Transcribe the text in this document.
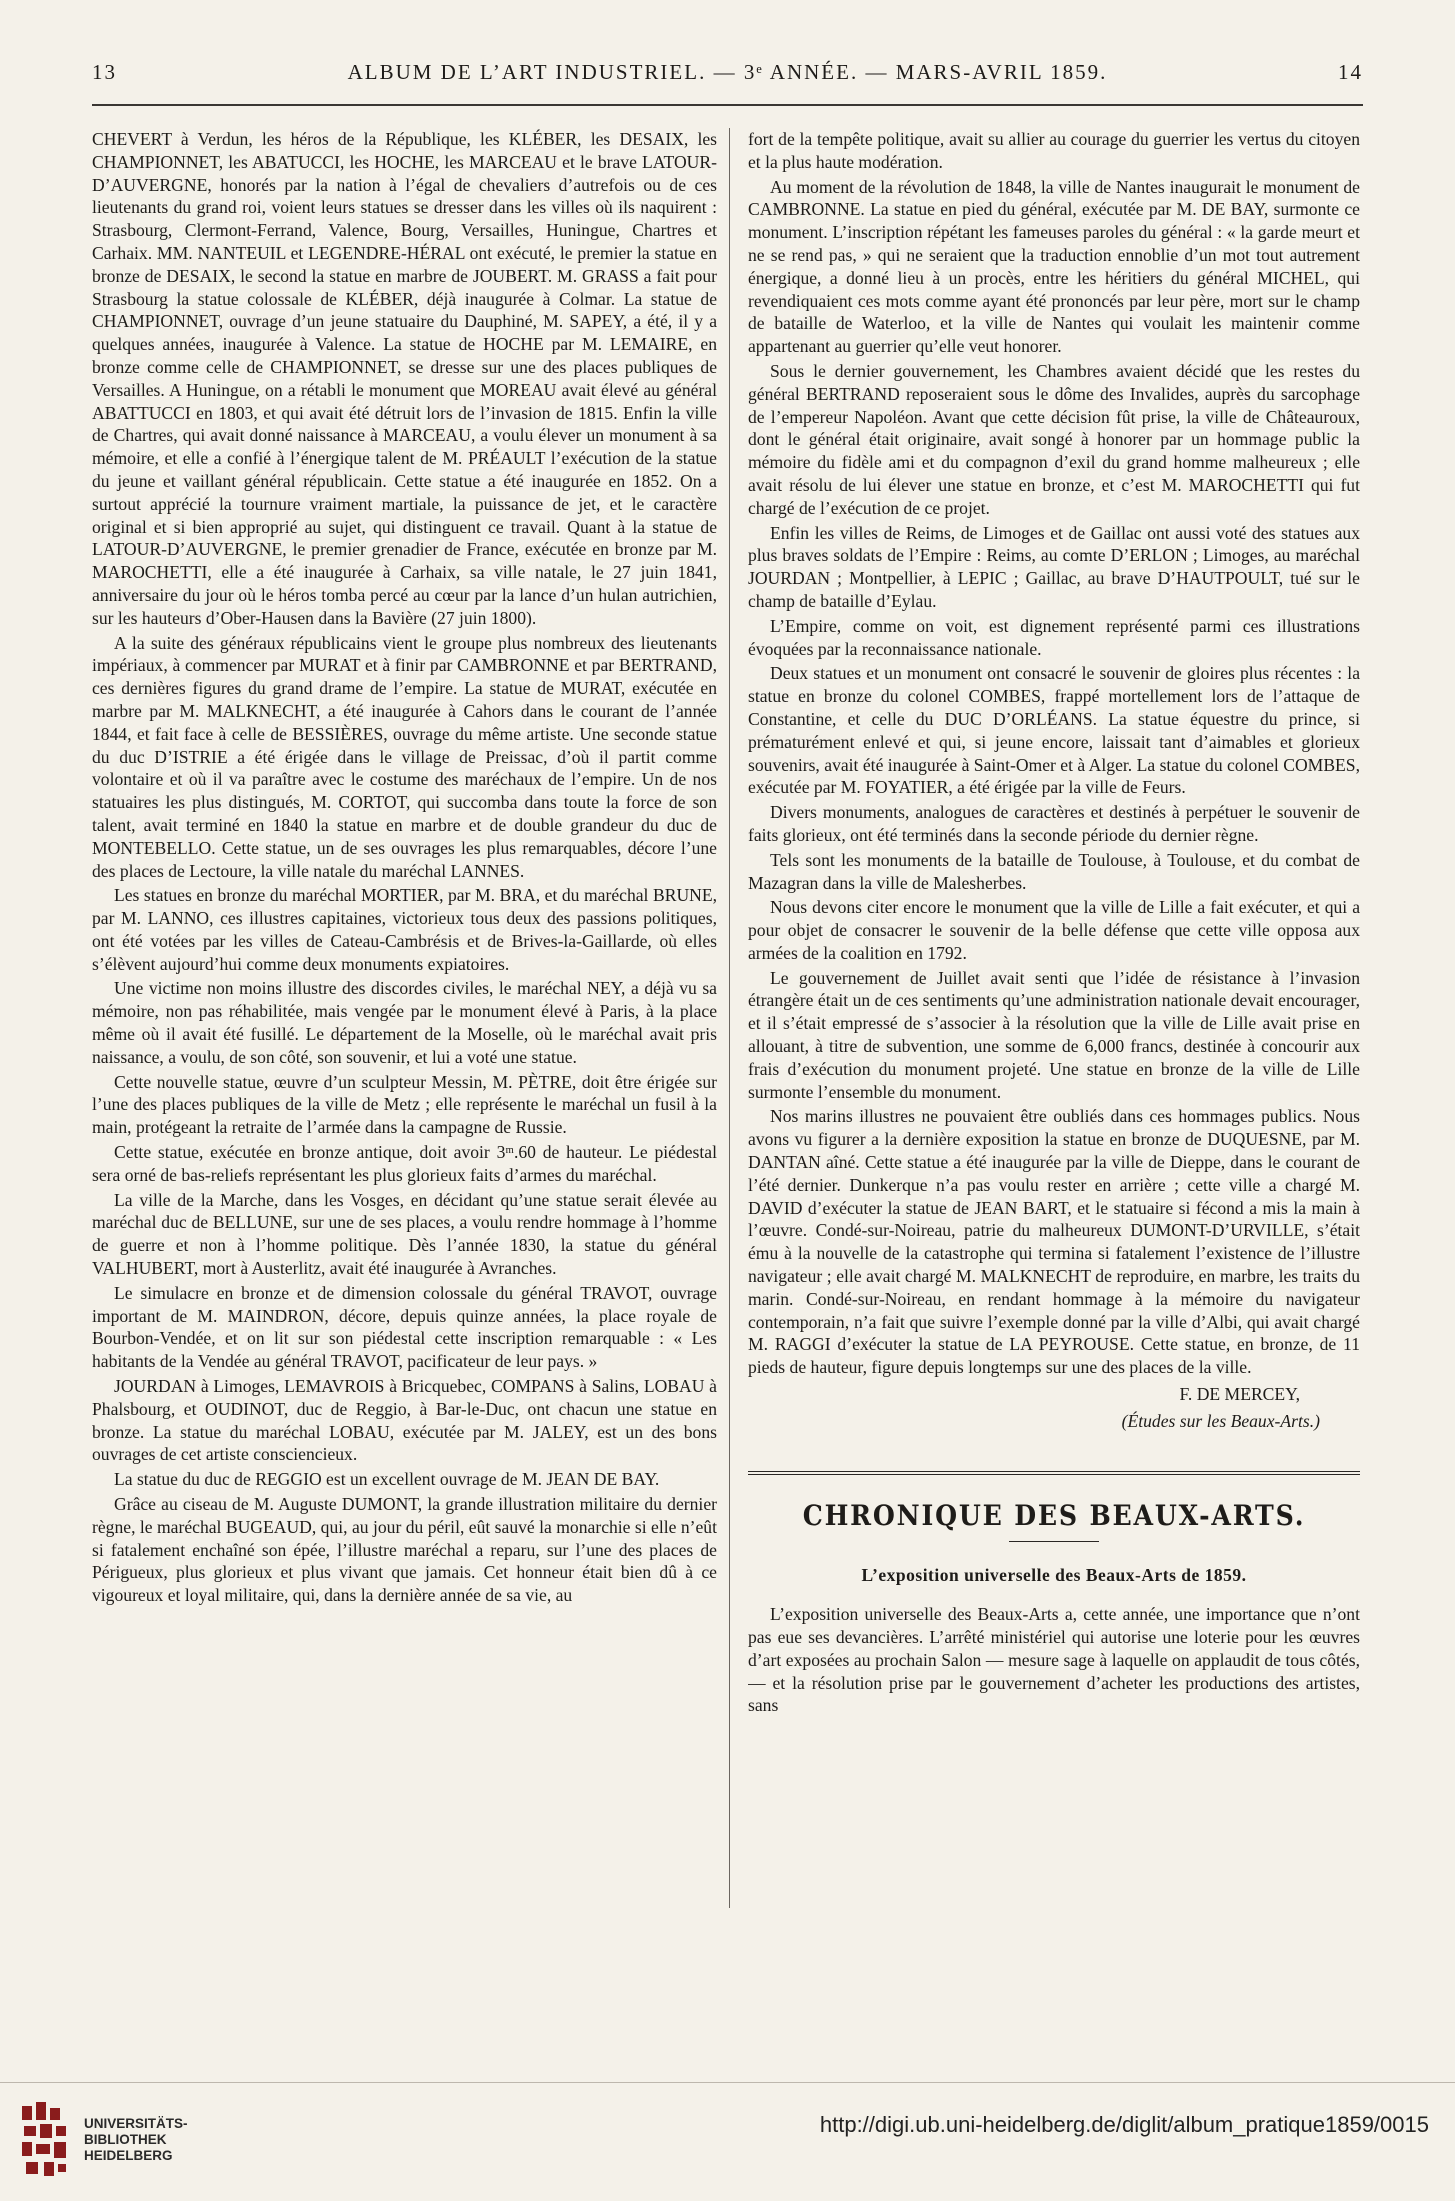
13	ALBUM DE L’ART INDUSTRIEL. — 3ᵉ ANNÉE. — MARS-AVRIL 1859.	14

CHEVERT à Verdun, les héros de la République, les KLÉBER, les DESAIX, les CHAMPIONNET, les ABATUCCI, les HOCHE, les MARCEAU et le brave LATOUR-D’AUVERGNE, honorés par la nation à l’égal de chevaliers d’autrefois ou de ces lieutenants du grand roi, voient leurs statues se dresser dans les villes où ils naquirent : Strasbourg, Clermont-Ferrand, Valence, Bourg, Versailles, Huningue, Chartres et Carhaix. MM. NANTEUIL et LEGENDRE-HÉRAL ont exécuté, le premier la statue en bronze de DESAIX, le second la statue en marbre de JOUBERT. M. GRASS a fait pour Strasbourg la statue colossale de KLÉBER, déjà inaugurée à Colmar. La statue de CHAMPIONNET, ouvrage d’un jeune statuaire du Dauphiné, M. SAPEY, a été, il y a quelques années, inaugurée à Valence. La statue de HOCHE par M. LEMAIRE, en bronze comme celle de CHAMPIONNET, se dresse sur une des places publiques de Versailles. A Huningue, on a rétabli le monument que MOREAU avait élevé au général ABATTUCCI en 1803, et qui avait été détruit lors de l’invasion de 1815. Enfin la ville de Chartres, qui avait donné naissance à MARCEAU, a voulu élever un monument à sa mémoire, et elle a confié à l’énergique talent de M. PRÉAULT l’exécution de la statue du jeune et vaillant général républicain. Cette statue a été inaugurée en 1852. On a surtout apprécié la tournure vraiment martiale, la puissance de jet, et le caractère original et si bien approprié au sujet, qui distinguent ce travail. Quant à la statue de LATOUR-D’AUVERGNE, le premier grenadier de France, exécutée en bronze par M. MAROCHETTI, elle a été inaugurée à Carhaix, sa ville natale, le 27 juin 1841, anniversaire du jour où le héros tomba percé au cœur par la lance d’un hulan autrichien, sur les hauteurs d’Ober-Hausen dans la Bavière (27 juin 1800).

A la suite des généraux républicains vient le groupe plus nombreux des lieutenants impériaux, à commencer par MURAT et à finir par CAMBRONNE et par BERTRAND, ces dernières figures du grand drame de l’empire. La statue de MURAT, exécutée en marbre par M. MALKNECHT, a été inaugurée à Cahors dans le courant de l’année 1844, et fait face à celle de BESSIÈRES, ouvrage du même artiste. Une seconde statue du duc D’ISTRIE a été érigée dans le village de Preissac, d’où il partit comme volontaire et où il va paraître avec le costume des maréchaux de l’empire. Un de nos statuaires les plus distingués, M. CORTOT, qui succomba dans toute la force de son talent, avait terminé en 1840 la statue en marbre et de double grandeur du duc de MONTEBELLO. Cette statue, un de ses ouvrages les plus remarquables, décore l’une des places de Lectoure, la ville natale du maréchal LANNES.

Les statues en bronze du maréchal MORTIER, par M. BRA, et du maréchal BRUNE, par M. LANNO, ces illustres capitaines, victorieux tous deux des passions politiques, ont été votées par les villes de Cateau-Cambrésis et de Brives-la-Gaillarde, où elles s’élèvent aujourd’hui comme deux monuments expiatoires.

Une victime non moins illustre des discordes civiles, le maréchal NEY, a déjà vu sa mémoire, non pas réhabilitée, mais vengée par le monument élevé à Paris, à la place même où il avait été fusillé. Le département de la Moselle, où le maréchal avait pris naissance, a voulu, de son côté, son souvenir, et lui a voté une statue.

Cette nouvelle statue, œuvre d’un sculpteur Messin, M. PÈTRE, doit être érigée sur l’une des places publiques de la ville de Metz ; elle représente le maréchal un fusil à la main, protégeant la retraite de l’armée dans la campagne de Russie.

Cette statue, exécutée en bronze antique, doit avoir 3ᵐ.60 de hauteur. Le piédestal sera orné de bas-reliefs représentant les plus glorieux faits d’armes du maréchal.

La ville de la Marche, dans les Vosges, en décidant qu’une statue serait élevée au maréchal duc de BELLUNE, sur une de ses places, a voulu rendre hommage à l’homme de guerre et non à l’homme politique. Dès l’année 1830, la statue du général VALHUBERT, mort à Austerlitz, avait été inaugurée à Avranches.

Le simulacre en bronze et de dimension colossale du général TRAVOT, ouvrage important de M. MAINDRON, décore, depuis quinze années, la place royale de Bourbon-Vendée, et on lit sur son piédestal cette inscription remarquable : « Les habitants de la Vendée au général TRAVOT, pacificateur de leur pays. »

JOURDAN à Limoges, LEMAVROIS à Bricquebec, COMPANS à Salins, LOBAU à Phalsbourg, et OUDINOT, duc de Reggio, à Bar-le-Duc, ont chacun une statue en bronze. La statue du maréchal LOBAU, exécutée par M. JALEY, est un des bons ouvrages de cet artiste consciencieux.

La statue du duc de REGGIO est un excellent ouvrage de M. JEAN DE BAY.

Grâce au ciseau de M. Auguste DUMONT, la grande illustration militaire du dernier règne, le maréchal BUGEAUD, qui, au jour du péril, eût sauvé la monarchie si elle n’eût si fatalement enchaîné son épée, l’illustre maréchal a reparu, sur l’une des places de Périgueux, plus glorieux et plus vivant que jamais. Cet honneur était bien dû à ce vigoureux et loyal militaire, qui, dans la dernière année de sa vie, au

fort de la tempête politique, avait su allier au courage du guerrier les vertus du citoyen et la plus haute modération.

Au moment de la révolution de 1848, la ville de Nantes inaugurait le monument de CAMBRONNE. La statue en pied du général, exécutée par M. DE BAY, surmonte ce monument. L’inscription répétant les fameuses paroles du général : « la garde meurt et ne se rend pas, » qui ne seraient que la traduction ennoblie d’un mot tout autrement énergique, a donné lieu à un procès, entre les héritiers du général MICHEL, qui revendiquaient ces mots comme ayant été prononcés par leur père, mort sur le champ de bataille de Waterloo, et la ville de Nantes qui voulait les maintenir comme appartenant au guerrier qu’elle veut honorer.

Sous le dernier gouvernement, les Chambres avaient décidé que les restes du général BERTRAND reposeraient sous le dôme des Invalides, auprès du sarcophage de l’empereur Napoléon. Avant que cette décision fût prise, la ville de Châteauroux, dont le général était originaire, avait songé à honorer par un hommage public la mémoire du fidèle ami et du compagnon d’exil du grand homme malheureux ; elle avait résolu de lui élever une statue en bronze, et c’est M. MAROCHETTI qui fut chargé de l’exécution de ce projet.

Enfin les villes de Reims, de Limoges et de Gaillac ont aussi voté des statues aux plus braves soldats de l’Empire : Reims, au comte D’ERLON ; Limoges, au maréchal JOURDAN ; Montpellier, à LEPIC ; Gaillac, au brave D’HAUTPOULT, tué sur le champ de bataille d’Eylau.

L’Empire, comme on voit, est dignement représenté parmi ces illustrations évoquées par la reconnaissance nationale.

Deux statues et un monument ont consacré le souvenir de gloires plus récentes : la statue en bronze du colonel COMBES, frappé mortellement lors de l’attaque de Constantine, et celle du DUC D’ORLÉANS. La statue équestre du prince, si prématurément enlevé et qui, si jeune encore, laissait tant d’aimables et glorieux souvenirs, avait été inaugurée à Saint-Omer et à Alger. La statue du colonel COMBES, exécutée par M. FOYATIER, a été érigée par la ville de Feurs.

Divers monuments, analogues de caractères et destinés à perpétuer le souvenir de faits glorieux, ont été terminés dans la seconde période du dernier règne.

Tels sont les monuments de la bataille de Toulouse, à Toulouse, et du combat de Mazagran dans la ville de Malesherbes.

Nous devons citer encore le monument que la ville de Lille a fait exécuter, et qui a pour objet de consacrer le souvenir de la belle défense que cette ville opposa aux armées de la coalition en 1792.

Le gouvernement de Juillet avait senti que l’idée de résistance à l’invasion étrangère était un de ces sentiments qu’une administration nationale devait encourager, et il s’était empressé de s’associer à la résolution que la ville de Lille avait prise en allouant, à titre de subvention, une somme de 6,000 francs, destinée à concourir aux frais d’exécution du monument projeté. Une statue en bronze de la ville de Lille surmonte l’ensemble du monument.

Nos marins illustres ne pouvaient être oubliés dans ces hommages publics. Nous avons vu figurer a la dernière exposition la statue en bronze de DUQUESNE, par M. DANTAN aîné. Cette statue a été inaugurée par la ville de Dieppe, dans le courant de l’été dernier. Dunkerque n’a pas voulu rester en arrière ; cette ville a chargé M. DAVID d’exécuter la statue de JEAN BART, et le statuaire si fécond a mis la main à l’œuvre. Condé-sur-Noireau, patrie du malheureux DUMONT-D’URVILLE, s’était ému à la nouvelle de la catastrophe qui termina si fatalement l’existence de l’illustre navigateur ; elle avait chargé M. MALKNECHT de reproduire, en marbre, les traits du marin. Condé-sur-Noireau, en rendant hommage à la mémoire du navigateur contemporain, n’a fait que suivre l’exemple donné par la ville d’Albi, qui avait chargé M. RAGGI d’exécuter la statue de LA PEYROUSE. Cette statue, en bronze, de 11 pieds de hauteur, figure depuis longtemps sur une des places de la ville.

F. DE MERCEY,
(Études sur les Beaux-Arts.)
CHRONIQUE DES BEAUX-ARTS.
L’exposition universelle des Beaux-Arts de 1859.

L’exposition universelle des Beaux-Arts a, cette année, une importance que n’ont pas eue ses devancières. L’arrêté ministériel qui autorise une loterie pour les œuvres d’art exposées au prochain Salon — mesure sage à laquelle on applaudit de tous côtés, — et la résolution prise par le gouvernement d’acheter les productions des artistes, sans

UNIVERSITÄTS-
BIBLIOTHEK
HEIDELBERG
http://digi.ub.uni-heidelberg.de/diglit/album_pratique1859/0015
